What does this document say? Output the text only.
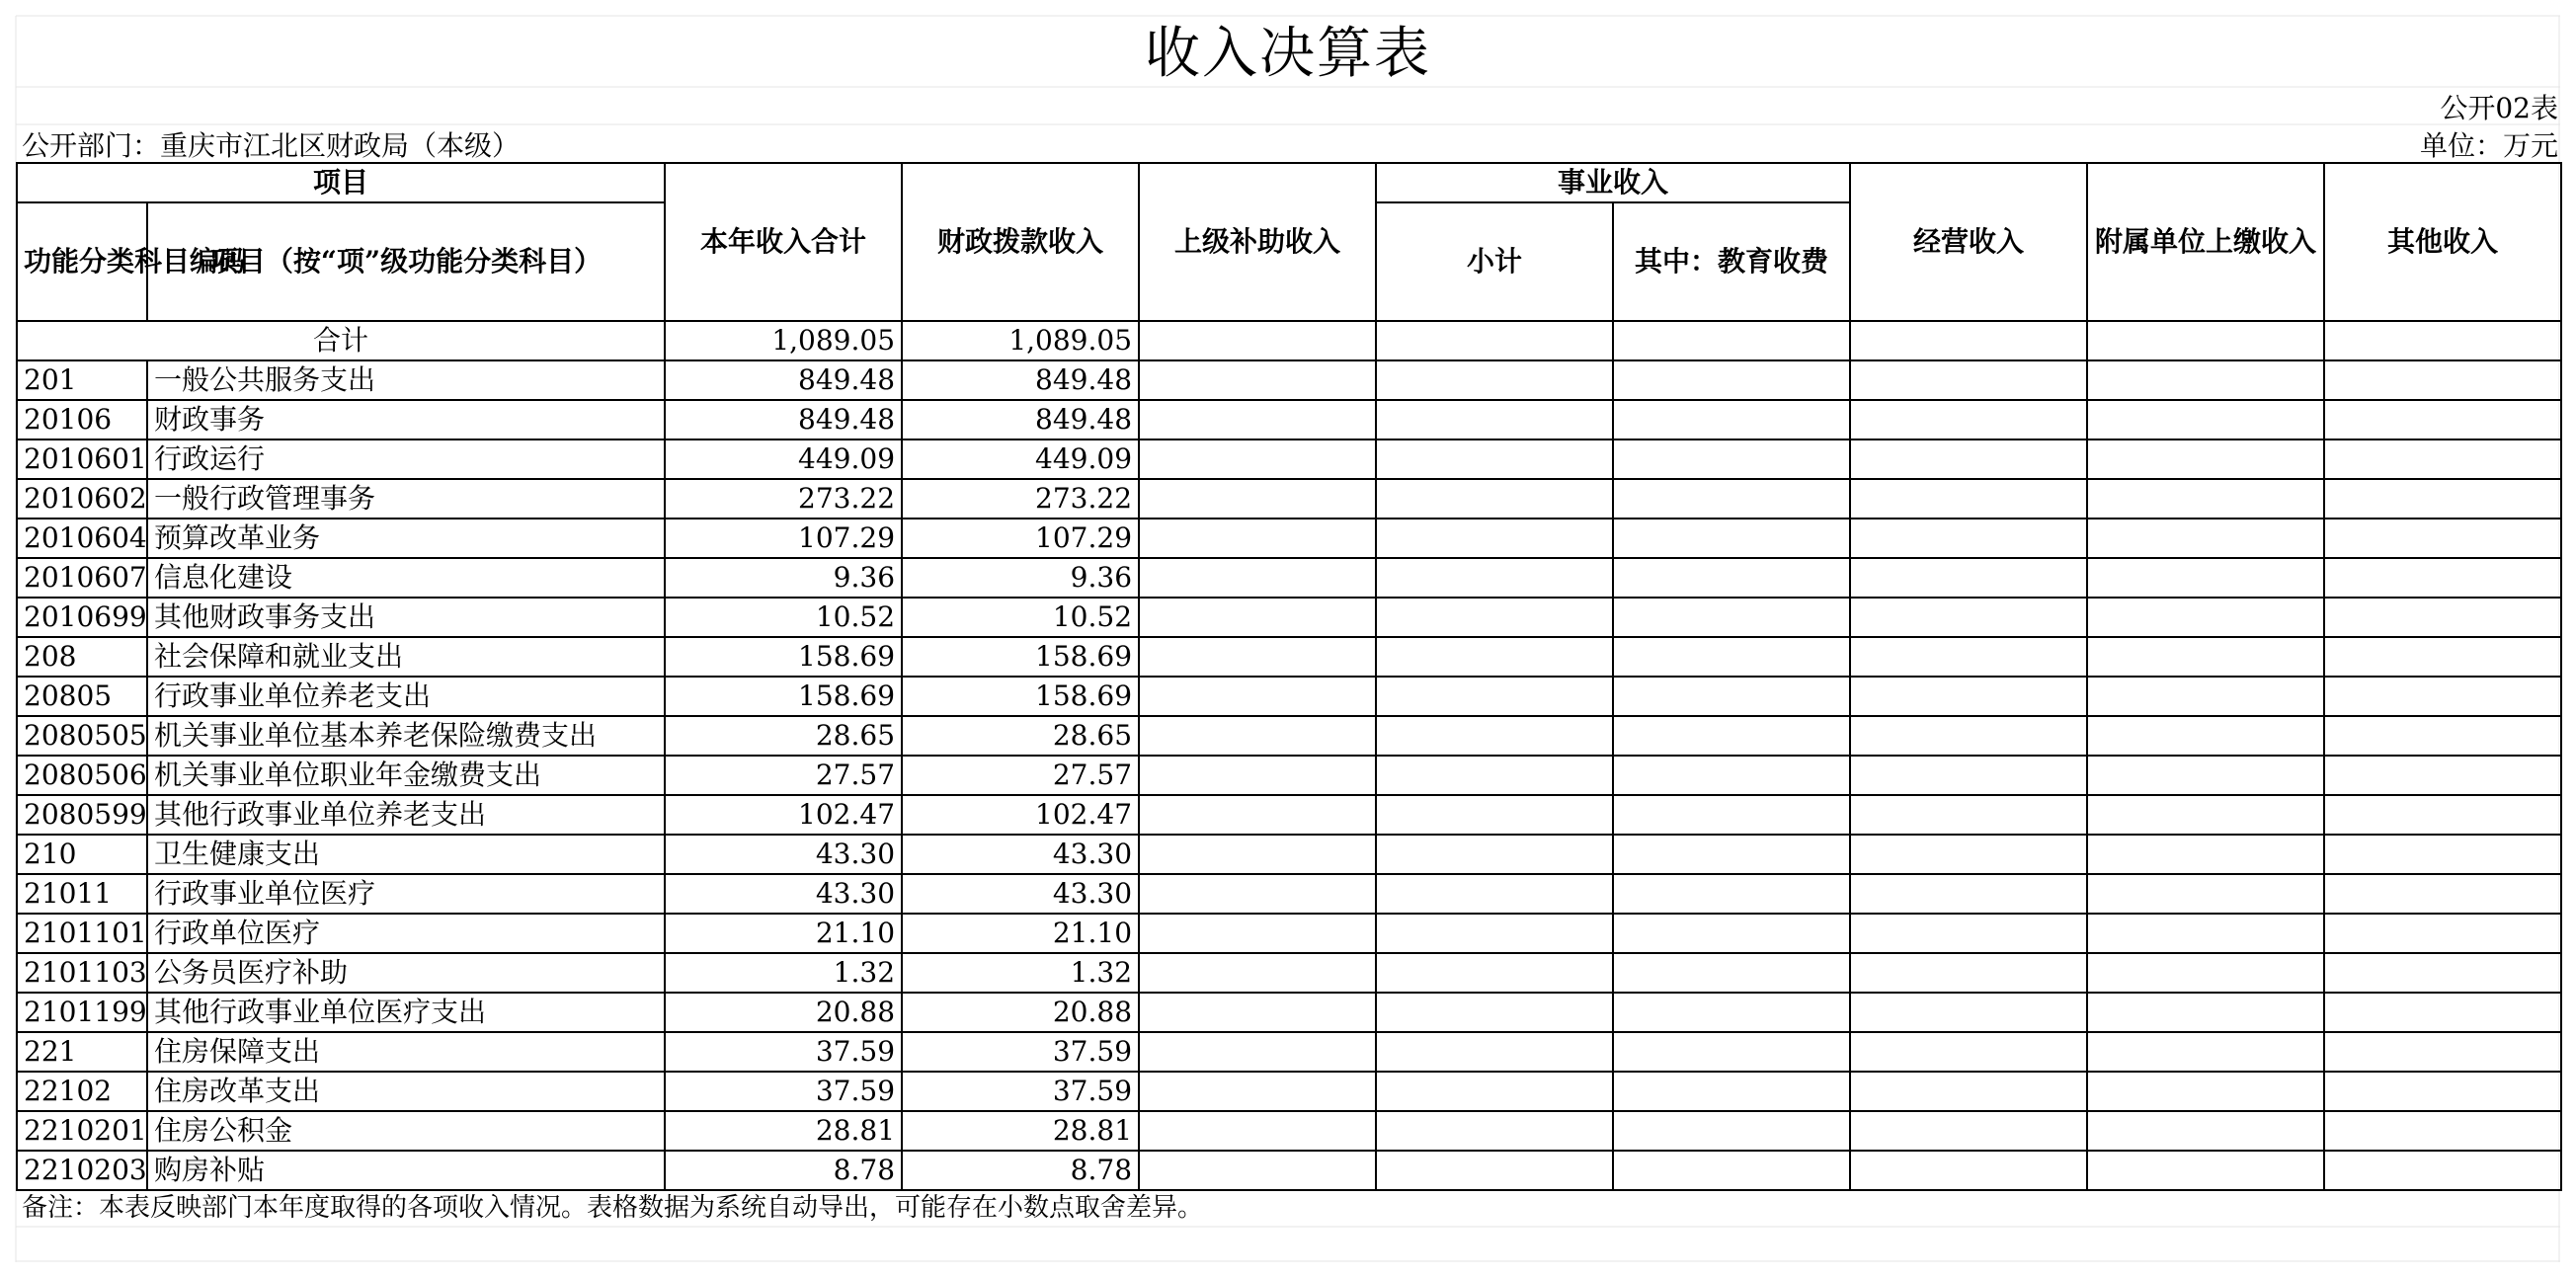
收入决算表
公开02表
公开部门：重庆市江北区财政局（本级）	单位：万元
项目		本年收入合计	财政拨款收入	上级补助收入	事业收入		经营收入	附属单位上缴收入	其他收入
功能分类科目编码	项目（按“项”级功能分类科目）				小计	其中：教育收费			
合计		1,089.05	1,089.05						
201	一般公共服务支出	849.48	849.48						
20106	财政事务	849.48	849.48						
2010601	行政运行	449.09	449.09						
2010602	一般行政管理事务	273.22	273.22						
2010604	预算改革业务	107.29	107.29						
2010607	信息化建设	9.36	9.36						
2010699	其他财政事务支出	10.52	10.52						
208	社会保障和就业支出	158.69	158.69						
20805	行政事业单位养老支出	158.69	158.69						
2080505	机关事业单位基本养老保险缴费支出	28.65	28.65						
2080506	机关事业单位职业年金缴费支出	27.57	27.57						
2080599	其他行政事业单位养老支出	102.47	102.47						
210	卫生健康支出	43.30	43.30						
21011	行政事业单位医疗	43.30	43.30						
2101101	行政单位医疗	21.10	21.10						
2101103	公务员医疗补助	1.32	1.32						
2101199	其他行政事业单位医疗支出	20.88	20.88						
221	住房保障支出	37.59	37.59						
22102	住房改革支出	37.59	37.59						
2210201	住房公积金	28.81	28.81						
2210203	购房补贴	8.78	8.78						
备注：本表反映部门本年度取得的各项收入情况。表格数据为系统自动导出，可能存在小数点取舍差异。
